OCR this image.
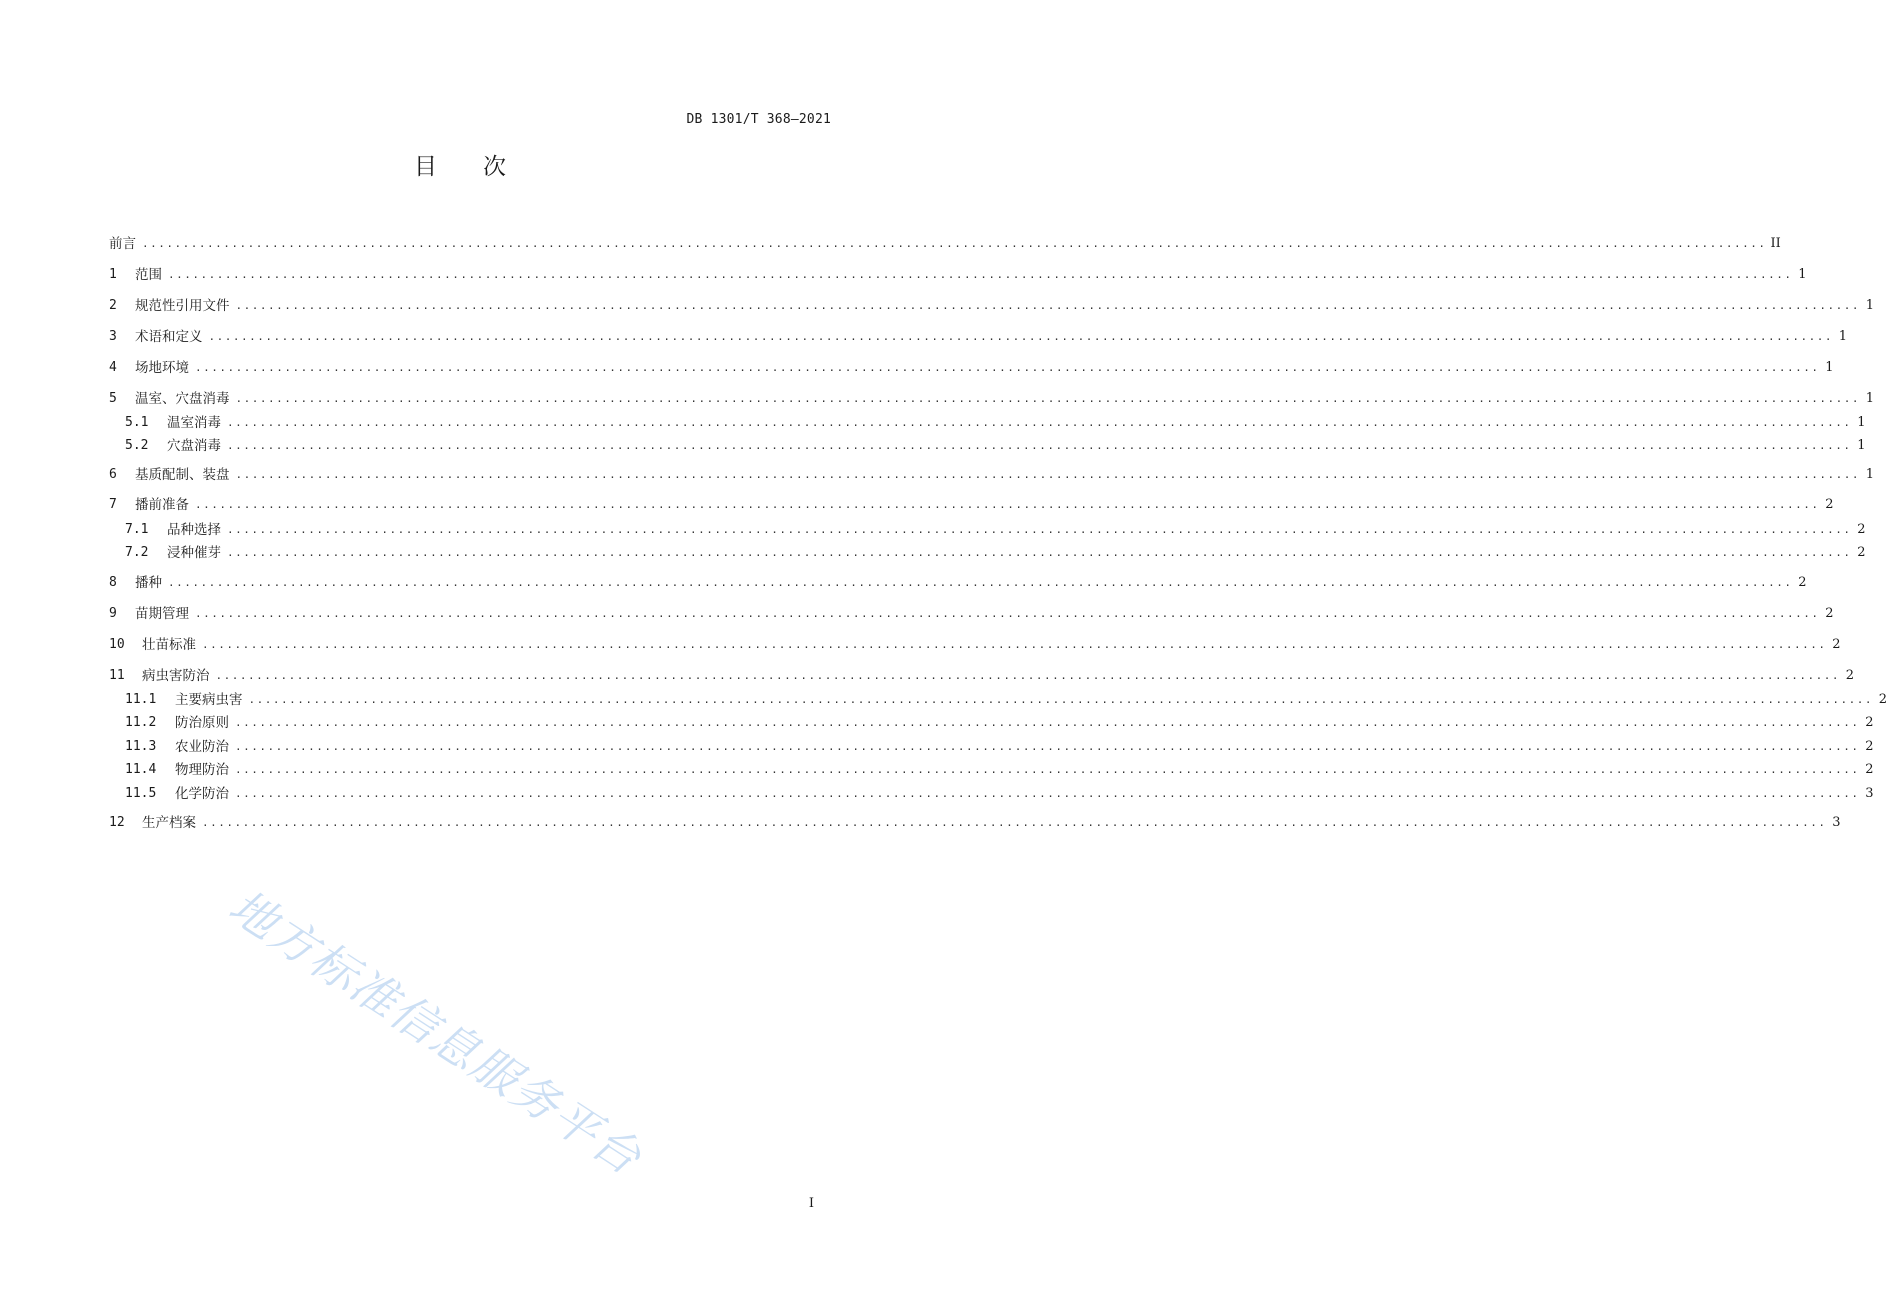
DB 1301/T 368—2021
目 次
前言 ........................................................................................................................................................................................................ II
1	范围 ........................................................................................................................................................................................................ 1
2	规范性引用文件 ........................................................................................................................................................................................................ 1
3	术语和定义 ........................................................................................................................................................................................................ 1
4	场地环境 ........................................................................................................................................................................................................ 1
5	温室、穴盘消毒 ........................................................................................................................................................................................................ 1
5.1	温室消毒 ........................................................................................................................................................................................................ 1
5.2	穴盘消毒 ........................................................................................................................................................................................................ 1
6	基质配制、装盘 ........................................................................................................................................................................................................ 1
7	播前准备 ........................................................................................................................................................................................................ 2
7.1	品种选择 ........................................................................................................................................................................................................ 2
7.2	浸种催芽 ........................................................................................................................................................................................................ 2
8	播种 ........................................................................................................................................................................................................ 2
9	苗期管理 ........................................................................................................................................................................................................ 2
10	壮苗标准 ........................................................................................................................................................................................................ 2
11	病虫害防治 ........................................................................................................................................................................................................ 2
11.1	主要病虫害 ........................................................................................................................................................................................................ 2
11.2	防治原则 ........................................................................................................................................................................................................ 2
11.3	农业防治 ........................................................................................................................................................................................................ 2
11.4	物理防治 ........................................................................................................................................................................................................ 2
11.5	化学防治 ........................................................................................................................................................................................................ 3
12	生产档案 ........................................................................................................................................................................................................ 3
地方标准信息服务平台
I
